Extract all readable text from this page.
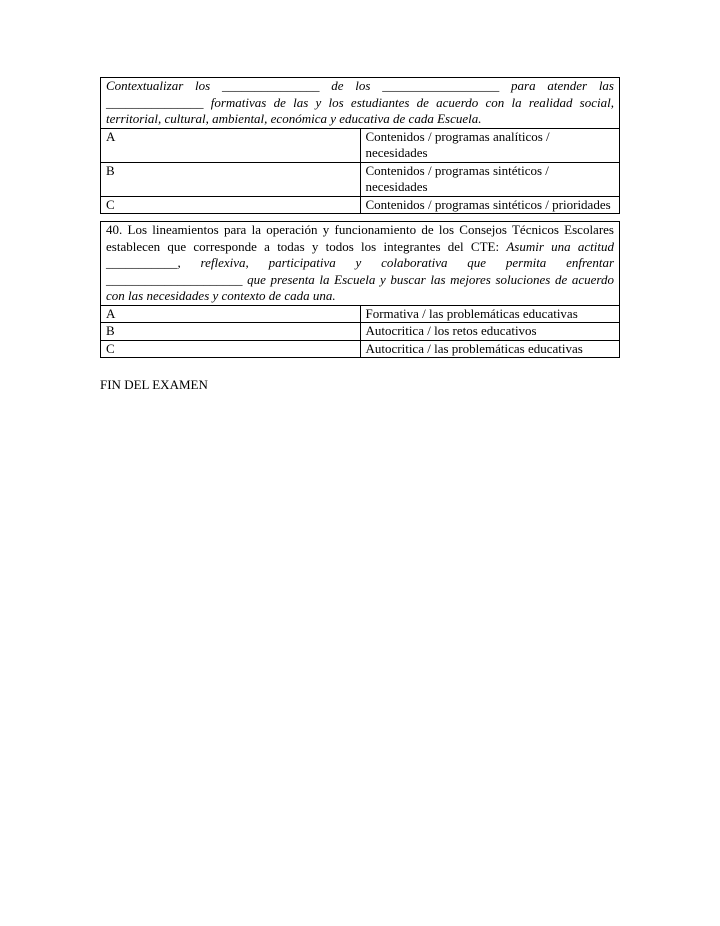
Contextualizar los _______________ de los __________________ para atender las _______________ formativas de las y los estudiantes de acuerdo con la realidad social, territorial, cultural, ambiental, económica y educativa de cada Escuela.	
A	Contenidos / programas analíticos / necesidades
B	Contenidos / programas sintéticos / necesidades
C	Contenidos / programas sintéticos / prioridades
40. Los lineamientos para la operación y funcionamiento de los Consejos Técnicos Escolares establecen que corresponde a todas y todos los integrantes del CTE: Asumir una actitud ___________, reflexiva, participativa y colaborativa que permita enfrentar _____________________ que presenta la Escuela y buscar las mejores soluciones de acuerdo con las necesidades y contexto de cada una.	
A	Formativa / las problemáticas educativas
B	Autocritica / los retos educativos
C	Autocritica / las problemáticas educativas
FIN DEL EXAMEN
